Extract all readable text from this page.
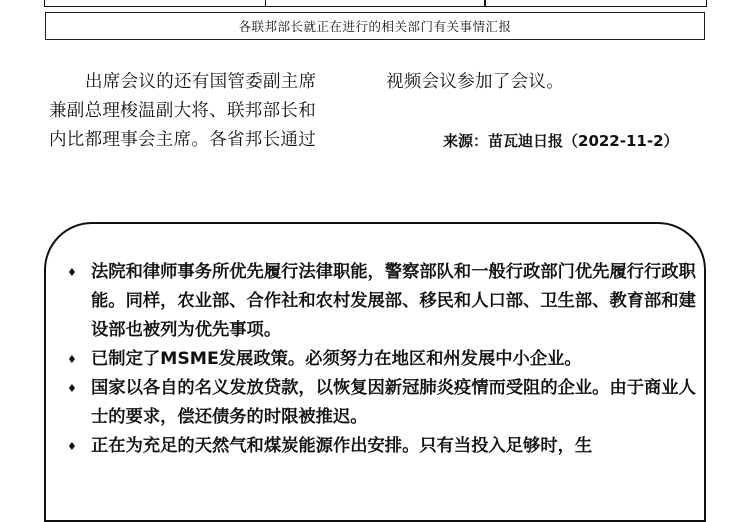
各联邦部长就正在进行的相关部门有关事情汇报
出席会议的还有国管委副主席
兼副总理梭温副大将、联邦部长和
内比都理事会主席。各省邦长通过
视频会议参加了会议。
来源：苗瓦迪日报（2022-11-2）
♦ 法院和律师事务所优先履行法律职能，警察部队和一般行政部门优先履行行政职能。同样，农业部、合作社和农村发展部、移民和人口部、卫生部、教育部和建设部也被列为优先事项。
♦ 已制定了MSME发展政策。必须努力在地区和州发展中小企业。
♦ 国家以各自的名义发放贷款，以恢复因新冠肺炎疫情而受阻的企业。由于商业人士的要求，偿还债务的时限被推迟。
♦ 正在为充足的天然气和煤炭能源作出安排。只有当投入足够时，生
